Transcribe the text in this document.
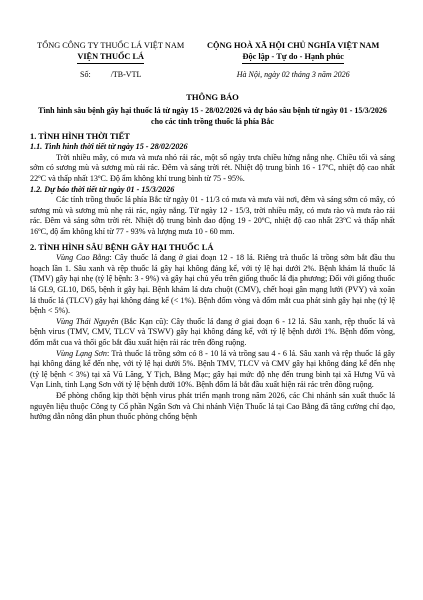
TỔNG CÔNG TY THUỐC LÁ VIỆT NAM
VIỆN THUỐC LÁ
CỘNG HOÀ XÃ HỘI CHỦ NGHĨA VIỆT NAM
Độc lập - Tự do - Hạnh phúc
Số:          /TB-VTL	Hà Nội, ngày 02 tháng 3 năm 2026
THÔNG BÁO
Tình hình sâu bệnh gây hại thuốc lá từ ngày 15 - 28/02/2026 và dự báo sâu bệnh từ ngày 01 - 15/3/2026 cho các tỉnh trồng thuốc lá phía Bắc
1. TÌNH HÌNH THỜI TIẾT
1.1. Tình hình thời tiết từ ngày 15 - 28/02/2026

Trời nhiều mây, có mưa và mưa nhỏ rải rác, một số ngày trưa chiều hửng nắng nhẹ. Chiều tối và sáng sớm có sương mù và sương mù rải rác. Đêm và sáng trời rét. Nhiệt độ trung bình 16 - 17ºC, nhiệt độ cao nhất 22ºC và thấp nhất 13ºC. Độ ẩm không khí trung bình từ 75 - 95%.

1.2. Dự báo thời tiết từ ngày 01 - 15/3/2026

Các tỉnh trồng thuốc lá phía Bắc từ ngày 01 - 11/3 có mưa và mưa vài nơi, đêm và sáng sớm có mây, có sương mù và sương mù nhẹ rải rác, ngày nắng. Từ ngày 12 - 15/3, trời nhiều mây, có mưa rào và mưa rào rải rác. Đêm và sáng sớm trời rét. Nhiệt độ trung bình dao động 19 - 20ºC, nhiệt độ cao nhất 23ºC và thấp nhất 16ºC, độ ẩm không khí từ 77 - 93% và lượng mưa 10 - 60 mm.

2. TÌNH HÌNH SÂU BỆNH GÂY HẠI THUỐC LÁ

Vùng Cao Bằng: Cây thuốc lá đang ở giai đoạn 12 - 18 lá. Riêng trà thuốc lá trồng sớm bắt đầu thu hoạch lần 1. Sâu xanh và rệp thuốc lá gây hại không đáng kể, với tỷ lệ hại dưới 2%. Bệnh khảm lá thuốc lá (TMV) gây hại nhẹ (tỷ lệ bệnh: 3 - 9%) và gây hại chủ yếu trên giống thuốc lá địa phương; Đối với giống thuốc lá GL9, GL10, D65, bệnh ít gây hại. Bệnh khảm lá dưa chuột (CMV), chết hoại gân mạng lưới (PVY) và xoăn lá thuốc lá (TLCV) gây hại không đáng kể (< 1%). Bệnh đốm vòng và đốm mắt cua phát sinh gây hại nhẹ (tỷ lệ bệnh < 5%).

Vùng Thái Nguyên (Bắc Kạn cũ): Cây thuốc lá đang ở giai đoạn 6 - 12 lá. Sâu xanh, rệp thuốc lá và bệnh virus (TMV, CMV, TLCV và TSWV) gây hại không đáng kể, với tỷ lệ bệnh dưới 1%. Bệnh đốm vòng, đốm mắt cua và thối gốc bắt đầu xuất hiện rải rác trên đồng ruộng.

Vùng Lạng Sơn: Trà thuốc lá trồng sớm có 8 - 10 lá và trồng sau 4 - 6 lá. Sâu xanh và rệp thuốc lá gây hại không đáng kể đến nhẹ, với tỷ lệ hại dưới 5%. Bệnh TMV, TLCV và CMV gây hại không đáng kể đến nhẹ (tỷ lệ bệnh < 3%) tại xã Vũ Lăng, Y Tịch, Bằng Mạc; gây hại mức độ nhẹ đến trung bình tại xã Hưng Vũ và Vạn Linh, tỉnh Lạng Sơn với tỷ lệ bệnh dưới 10%. Bệnh đốm lá bắt đầu xuất hiện rải rác trên đồng ruộng.

Để phòng chống kịp thời bệnh virus phát triển mạnh trong năm 2026, các Chi nhánh sản xuất thuốc lá nguyên liệu thuộc Công ty Cổ phần Ngân Sơn và Chi nhánh Viện Thuốc lá tại Cao Bằng đã tăng cường chỉ đạo, hướng dẫn nông dân phun thuốc phòng chống bệnh
